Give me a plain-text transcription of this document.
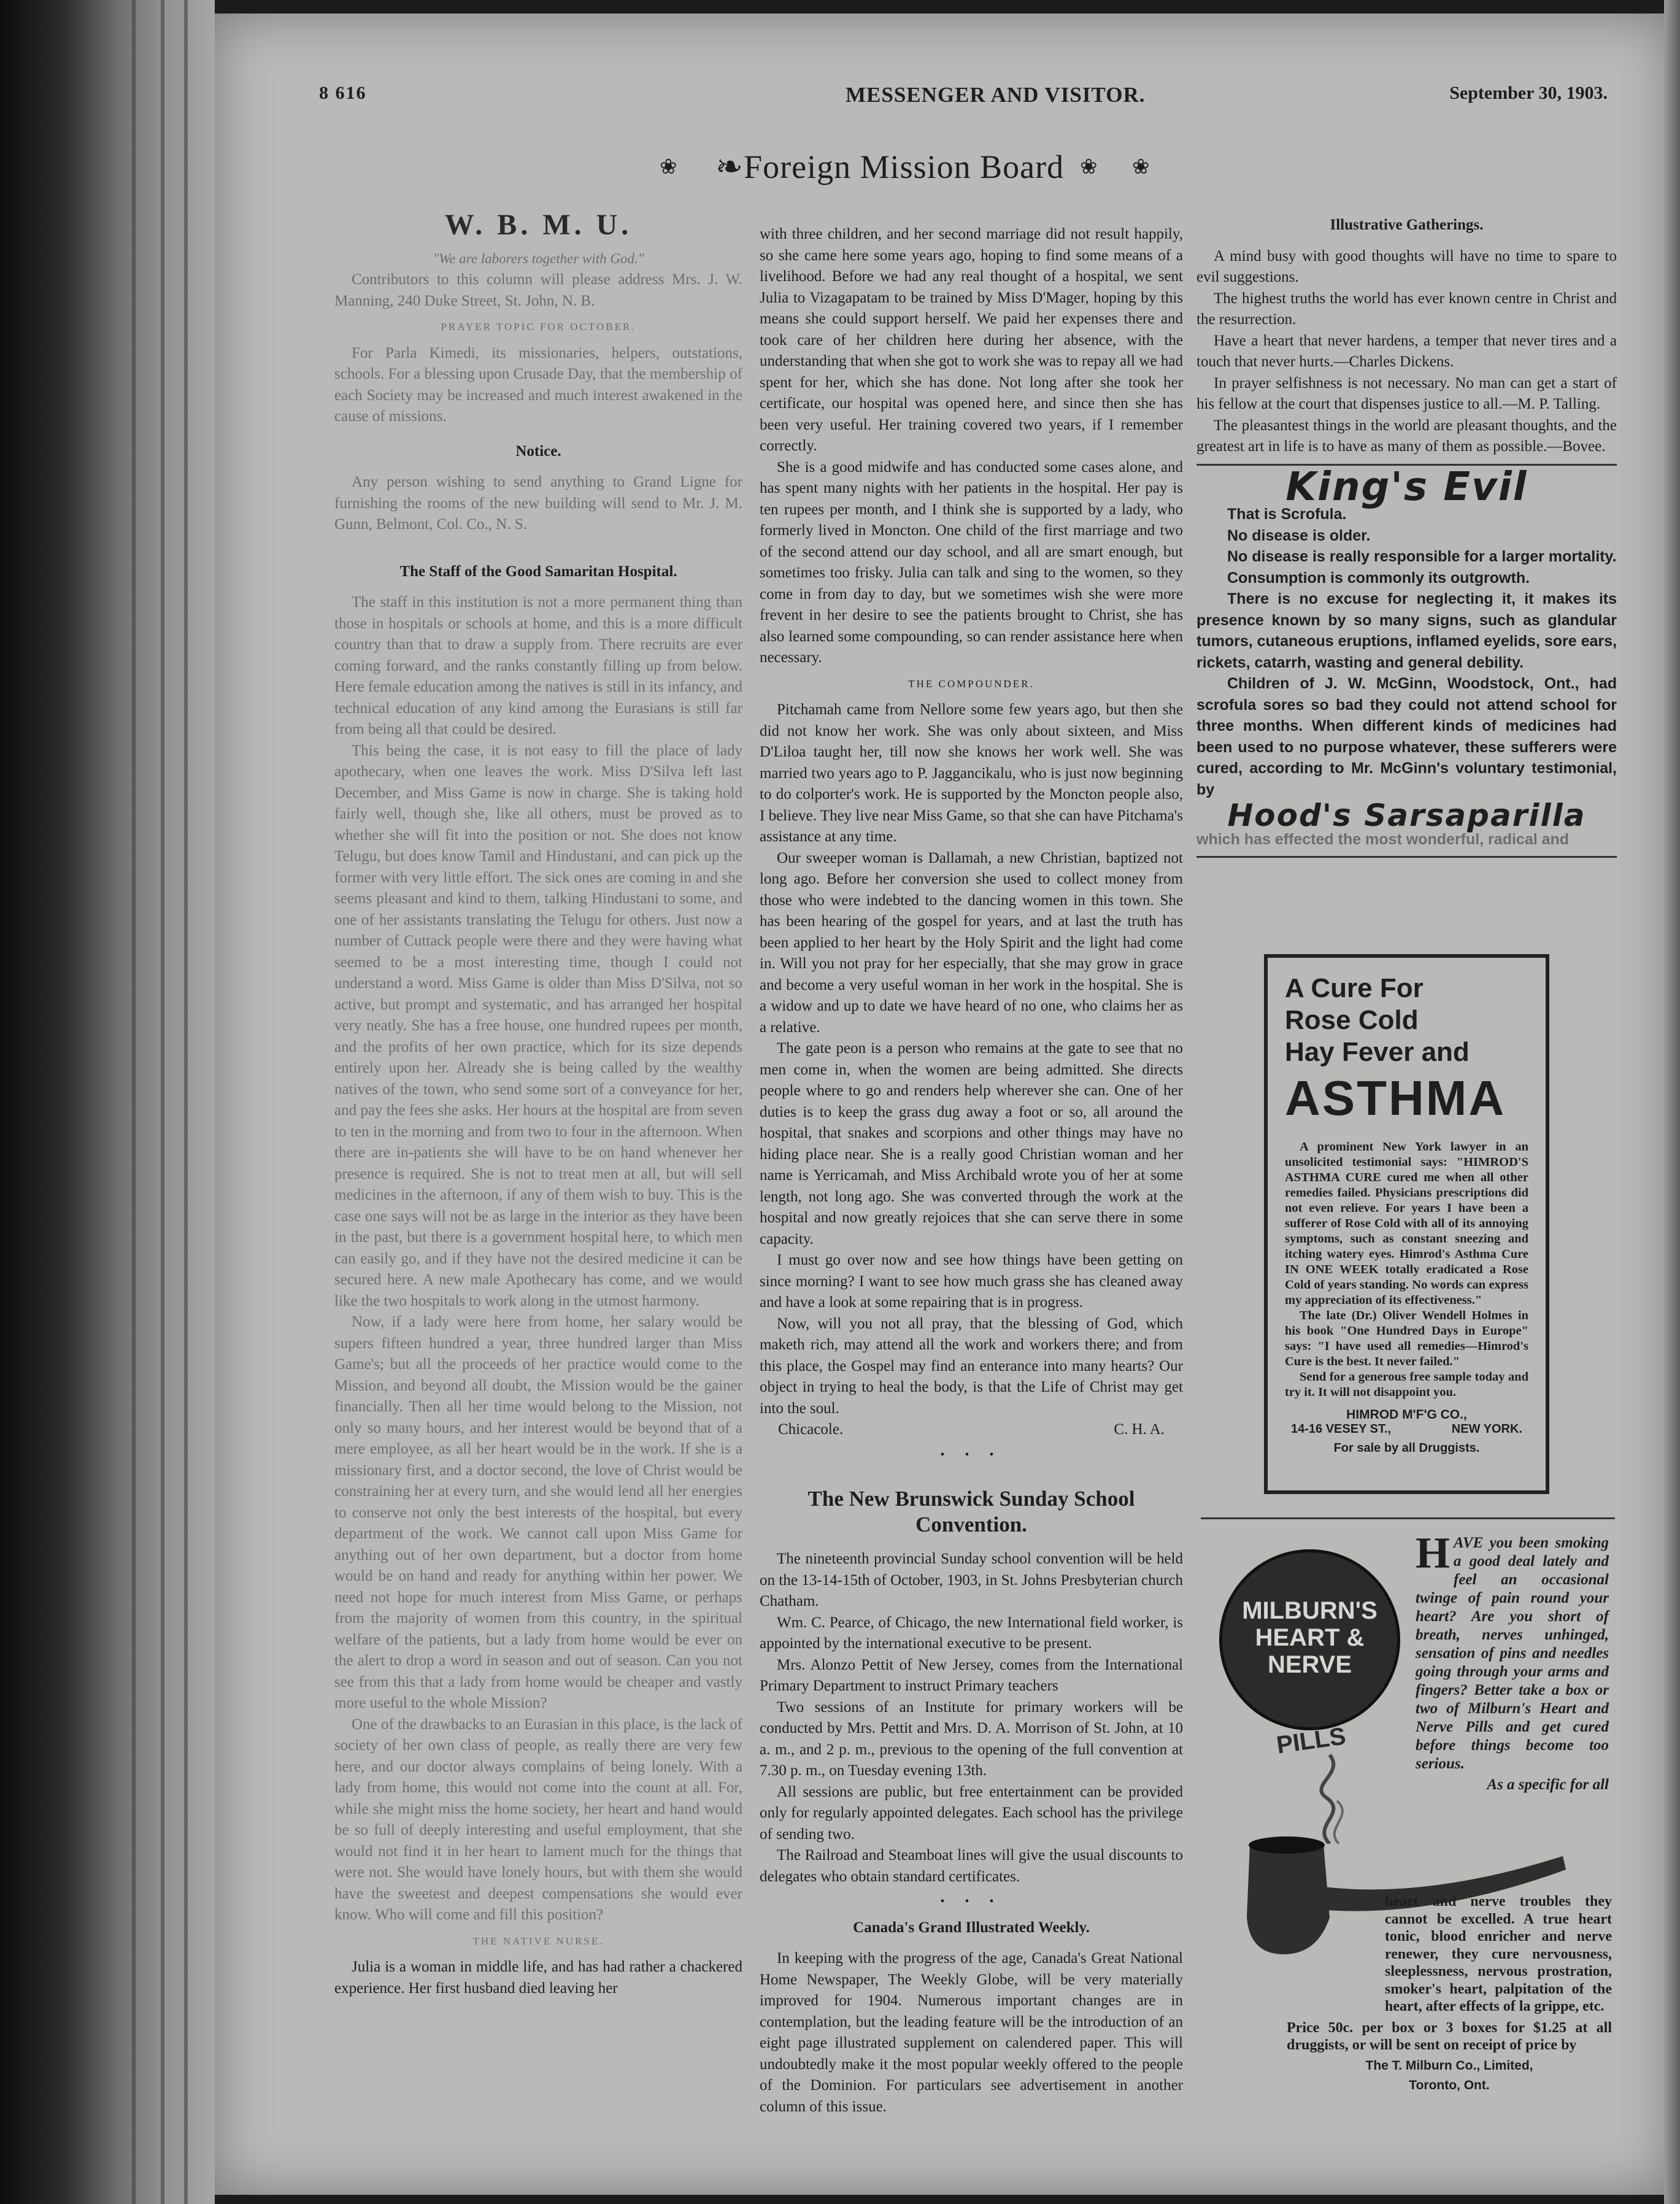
8 616	MESSENGER AND VISITOR.	September 30, 1903.
❀	❧Foreign Mission Board ❀ ❀
W. B. M. U.
"We are laborers together with God."

Contributors to this column will please address Mrs. J. W. Manning, 240 Duke Street, St. John, N. B.

PRAYER TOPIC FOR OCTOBER.

For Parla Kimedi, its missionaries, helpers, outstations, schools. For a blessing upon Crusade Day, that the membership of each Society may be increased and much interest awakened in the cause of missions.

Notice.

Any person wishing to send anything to Grand Ligne for furnishing the rooms of the new building will send to Mr. J. M. Gunn, Belmont, Col. Co., N. S.

The Staff of the Good Samaritan Hospital.

The staff in this institution is not a more permanent thing than those in hospitals or schools at home, and this is a more difficult country than that to draw a supply from. There recruits are ever coming forward, and the ranks constantly filling up from below. Here female education among the natives is still in its infancy, and technical education of any kind among the Eurasians is still far from being all that could be desired.

This being the case, it is not easy to fill the place of lady apothecary, when one leaves the work. Miss D'Silva left last December, and Miss Game is now in charge. She is taking hold fairly well, though she, like all others, must be proved as to whether she will fit into the position or not. She does not know Telugu, but does know Tamil and Hindustani, and can pick up the former with very little effort. The sick ones are coming in and she seems pleasant and kind to them, talking Hindustani to some, and one of her assistants translating the Telugu for others. Just now a number of Cuttack people were there and they were having what seemed to be a most interesting time, though I could not understand a word. Miss Game is older than Miss D'Silva, not so active, but prompt and systematic, and has arranged her hospital very neatly. She has a free house, one hundred rupees per month, and the profits of her own practice, which for its size depends entirely upon her. Already she is being called by the wealthy natives of the town, who send some sort of a conveyance for her, and pay the fees she asks. Her hours at the hospital are from seven to ten in the morning and from two to four in the afternoon. When there are in-patients she will have to be on hand whenever her presence is required. She is not to treat men at all, but will sell medicines in the afternoon, if any of them wish to buy. This is the case one says will not be as large in the interior as they have been in the past, but there is a government hospital here, to which men can easily go, and if they have not the desired medicine it can be secured here. A new male Apothecary has come, and we would like the two hospitals to work along in the utmost harmony.

Now, if a lady were here from home, her salary would be supers fifteen hundred a year, three hundred larger than Miss Game's; but all the proceeds of her practice would come to the Mission, and beyond all doubt, the Mission would be the gainer financially. Then all her time would belong to the Mission, not only so many hours, and her interest would be beyond that of a mere employee, as all her heart would be in the work. If she is a missionary first, and a doctor second, the love of Christ would be constraining her at every turn, and she would lend all her energies to conserve not only the best interests of the hospital, but every department of the work. We cannot call upon Miss Game for anything out of her own department, but a doctor from home would be on hand and ready for anything within her power. We need not hope for much interest from Miss Game, or perhaps from the majority of women from this country, in the spiritual welfare of the patients, but a lady from home would be ever on the alert to drop a word in season and out of season. Can you not see from this that a lady from home would be cheaper and vastly more useful to the whole Mission?

One of the drawbacks to an Eurasian in this place, is the lack of society of her own class of people, as really there are very few here, and our doctor always complains of being lonely. With a lady from home, this would not come into the count at all. For, while she might miss the home society, her heart and hand would be so full of deeply interesting and useful employment, that she would not find it in her heart to lament much for the things that were not. She would have lonely hours, but with them she would have the sweetest and deepest compensations she would ever know. Who will come and fill this position?

THE NATIVE NURSE.

Julia is a woman in middle life, and has had rather a chackered experience. Her first husband died leaving her

with three children, and her second marriage did not result happily, so she came here some years ago, hoping to find some means of a livelihood. Before we had any real thought of a hospital, we sent Julia to Vizagapatam to be trained by Miss D'Mager, hoping by this means she could support herself. We paid her expenses there and took care of her children here during her absence, with the understanding that when she got to work she was to repay all we had spent for her, which she has done. Not long after she took her certificate, our hospital was opened here, and since then she has been very useful. Her training covered two years, if I remember correctly.

She is a good midwife and has conducted some cases alone, and has spent many nights with her patients in the hospital. Her pay is ten rupees per month, and I think she is supported by a lady, who formerly lived in Moncton. One child of the first marriage and two of the second attend our day school, and all are smart enough, but sometimes too frisky. Julia can talk and sing to the women, so they come in from day to day, but we sometimes wish she were more frevent in her desire to see the patients brought to Christ, she has also learned some compounding, so can render assistance here when necessary.

THE COMPOUNDER.

Pitchamah came from Nellore some few years ago, but then she did not know her work. She was only about sixteen, and Miss D'Liloa taught her, till now she knows her work well. She was married two years ago to P. Jaggancikalu, who is just now beginning to do colporter's work. He is supported by the Moncton people also, I believe. They live near Miss Game, so that she can have Pitchama's assistance at any time.

Our sweeper woman is Dallamah, a new Christian, baptized not long ago. Before her conversion she used to collect money from those who were indebted to the dancing women in this town. She has been hearing of the gospel for years, and at last the truth has been applied to her heart by the Holy Spirit and the light had come in. Will you not pray for her especially, that she may grow in grace and become a very useful woman in her work in the hospital. She is a widow and up to date we have heard of no one, who claims her as a relative.

The gate peon is a person who remains at the gate to see that no men come in, when the women are being admitted. She directs people where to go and renders help wherever she can. One of her duties is to keep the grass dug away a foot or so, all around the hospital, that snakes and scorpions and other things may have no hiding place near. She is a really good Christian woman and her name is Yerricamah, and Miss Archibald wrote you of her at some length, not long ago. She was converted through the work at the hospital and now greatly rejoices that she can serve there in some capacity.

I must go over now and see how things have been getting on since morning? I want to see how much grass she has cleaned away and have a look at some repairing that is in progress.

Now, will you not all pray, that the blessing of God, which maketh rich, may attend all the work and workers there; and from this place, the Gospel may find an enterance into many hearts? Our object in trying to heal the body, is that the Life of Christ may get into the soul.

Chicacole.	C. H. A.
• • •
The New Brunswick Sunday School Convention.

The nineteenth provincial Sunday school convention will be held on the 13-14-15th of October, 1903, in St. Johns Presbyterian church Chatham.

Wm. C. Pearce, of Chicago, the new International field worker, is appointed by the international executive to be present.

Mrs. Alonzo Pettit of New Jersey, comes from the International Primary Department to instruct Primary teachers

Two sessions of an Institute for primary workers will be conducted by Mrs. Pettit and Mrs. D. A. Morrison of St. John, at 10 a. m., and 2 p. m., previous to the opening of the full convention at 7.30 p. m., on Tuesday evening 13th.

All sessions are public, but free entertainment can be provided only for regularly appointed delegates. Each school has the privilege of sending two.

The Railroad and Steamboat lines will give the usual discounts to delegates who obtain standard certificates.

• • •
Canada's Grand Illustrated Weekly.

In keeping with the progress of the age, Canada's Great National Home Newspaper, The Weekly Globe, will be very materially improved for 1904. Numerous important changes are in contemplation, but the leading feature will be the introduction of an eight page illustrated supplement on calendered paper. This will undoubtedly make it the most popular weekly offered to the people of the Dominion. For particulars see advertisement in another column of this issue.

Illustrative Gatherings.

A mind busy with good thoughts will have no time to spare to evil suggestions.

The highest truths the world has ever known centre in Christ and the resurrection.

Have a heart that never hardens, a temper that never tires and a touch that never hurts.—Charles Dickens.

In prayer selfishness is not necessary. No man can get a start of his fellow at the court that dispenses justice to all.—M. P. Talling.

The pleasantest things in the world are pleasant thoughts, and the greatest art in life is to have as many of them as possible.—Bovee.

King's Evil

That is Scrofula.

No disease is older.

No disease is really responsible for a larger mortality.

Consumption is commonly its outgrowth.

There is no excuse for neglecting it, it makes its presence known by so many signs, such as glandular tumors, cutaneous eruptions, inflamed eyelids, sore ears, rickets, catarrh, wasting and general debility.

Children of J. W. McGinn, Woodstock, Ont., had scrofula sores so bad they could not attend school for three months. When different kinds of medicines had been used to no purpose whatever, these sufferers were cured, according to Mr. McGinn's voluntary testimonial, by

Hood's Sarsaparilla

which has effected the most wonderful, radical and

A Cure For
Rose Cold
Hay Fever and
ASTHMA

A prominent New York lawyer in an unsolicited testimonial says: "HIMROD'S ASTHMA CURE cured me when all other remedies failed. Physicians prescriptions did not even relieve. For years I have been a sufferer of Rose Cold with all of its annoying symptoms, such as constant sneezing and itching watery eyes. Himrod's Asthma Cure IN ONE WEEK totally eradicated a Rose Cold of years standing. No words can express my appreciation of its effectiveness."

The late (Dr.) Oliver Wendell Holmes in his book "One Hundred Days in Europe" says: "I have used all remedies—Himrod's Cure is the best. It never failed."

Send for a generous free sample today and try it. It will not disappoint you.

HIMROD M'F'G CO.,
14-16 VESEY ST.,	NEW YORK.
For sale by all Druggists.
MILBURN'S
HEART &
NERVE
PILLS
HAVE you been smoking a good deal lately and feel an occasional twinge of pain round your heart? Are you short of breath, nerves unhinged, sensation of pins and needles going through your arms and fingers? Better take a box or two of Milburn's Heart and Nerve Pills and get cured before things become too serious.
As a specific for all
heart and nerve troubles they cannot be excelled. A true heart tonic, blood enricher and nerve renewer, they cure nervousness, sleeplessness, nervous prostration, smoker's heart, palpitation of the heart, after effects of la grippe, etc.
Price 50c. per box or 3 boxes for $1.25 at all druggists, or will be sent on receipt of price by
The T. Milburn Co., Limited,
Toronto, Ont.
